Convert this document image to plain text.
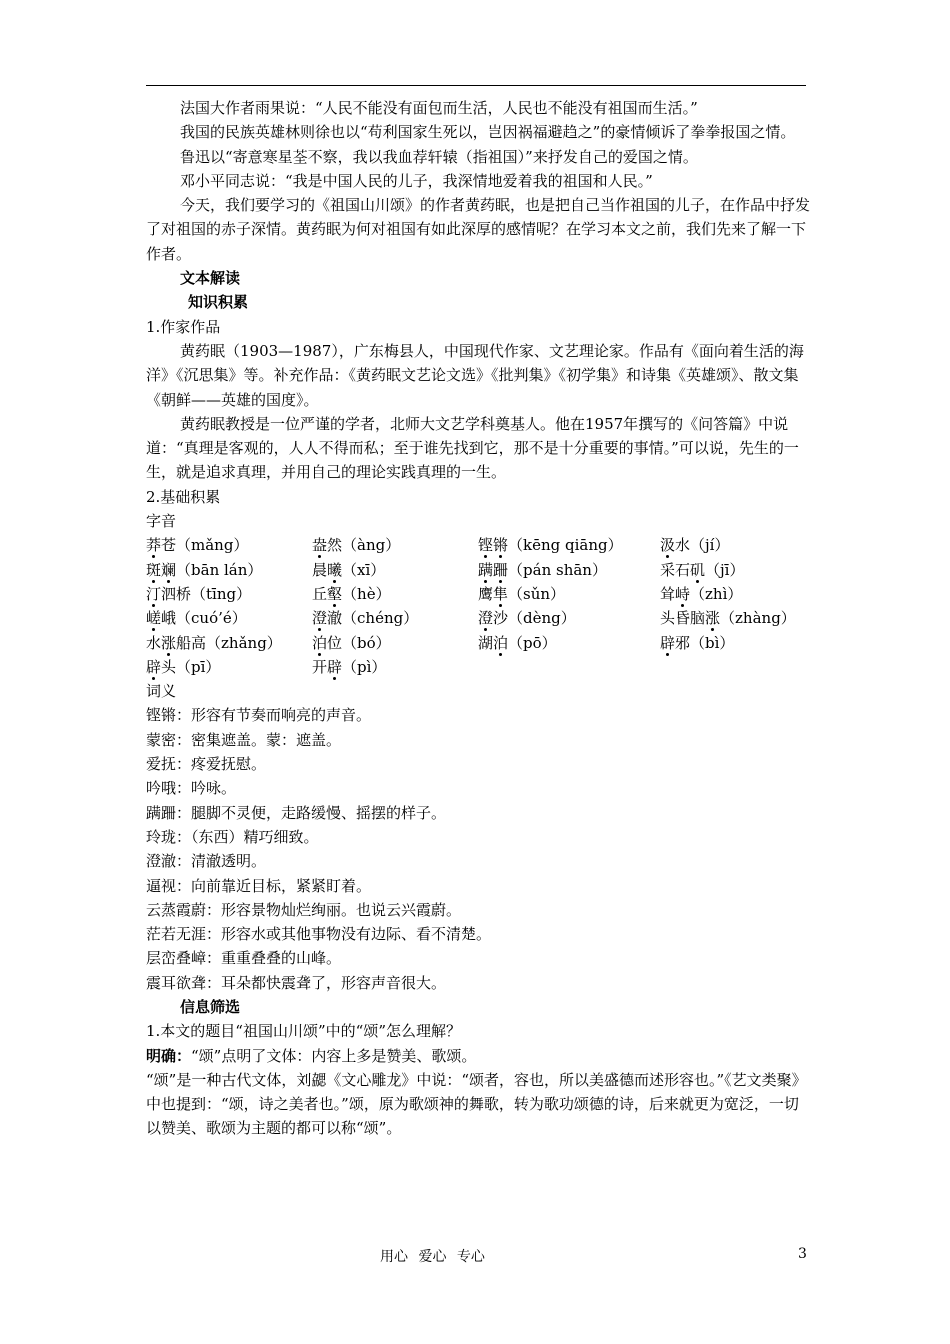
法国大作者雨果说：“人民不能没有面包而生活，人民也不能没有祖国而生活。”

我国的民族英雄林则徐也以“苟利国家生死以，岂因祸福避趋之”的豪情倾诉了拳拳报国之情。

鲁迅以“寄意寒星荃不察，我以我血荐轩辕（指祖国）”来抒发自己的爱国之情。

邓小平同志说：“我是中国人民的儿子，我深情地爱着我的祖国和人民。”

今天，我们要学习的《祖国山川颂》的作者黄药眠，也是把自己当作祖国的儿子，在作品中抒发了对祖国的赤子深情。黄药眠为何对祖国有如此深厚的感情呢？在学习本文之前，我们先来了解一下作者。

文本解读

知识积累

1.作家作品

黄药眠（1903—1987），广东梅县人，中国现代作家、文艺理论家。作品有《面向着生活的海洋》《沉思集》等。补充作品：《黄药眠文艺论文选》《批判集》《初学集》和诗集《英雄颂》、散文集《朝鲜——英雄的国度》。

黄药眠教授是一位严谨的学者，北师大文艺学科奠基人。他在1957年撰写的《问答篇》中说道：“真理是客观的，人人不得而私；至于谁先找到它，那不是十分重要的事情。”可以说，先生的一生，就是追求真理，并用自己的理论实践真理的一生。

2.基础积累

字音

莽苍（mǎng）	盎然（àng）	铿锵（kēng qiāng）	汲水（jí）
斑斓（bān lán）	晨曦（xī）	蹒跚（pán shān）	采石矶（jī）
汀泗桥（tīng）	丘壑（hè）	鹰隼（sǔn）	耸峙（zhì）
嵯峨（cuó’é）	澄澈（chéng）	澄沙（dèng）	头昏脑涨（zhàng）
水涨船高（zhǎng）	泊位（bó）	湖泊（pō）	辟邪（bì）
辟头（pī）	开辟（pì）

词义

铿锵：形容有节奏而响亮的声音。

蒙密：密集遮盖。蒙：遮盖。

爱抚：疼爱抚慰。

吟哦：吟咏。

蹒跚：腿脚不灵便，走路缓慢、摇摆的样子。

玲珑：（东西）精巧细致。

澄澈：清澈透明。

逼视：向前靠近目标，紧紧盯着。

云蒸霞蔚：形容景物灿烂绚丽。也说云兴霞蔚。

茫若无涯：形容水或其他事物没有边际、看不清楚。

层峦叠嶂：重重叠叠的山峰。

震耳欲聋：耳朵都快震聋了，形容声音很大。

信息筛选

1.本文的题目“祖国山川颂”中的“颂”怎么理解？

明确：“颂”点明了文体：内容上多是赞美、歌颂。

“颂”是一种古代文体，刘勰《文心雕龙》中说：“颂者，容也，所以美盛德而述形容也。”《艺文类聚》中也提到：“颂，诗之美者也。”颂，原为歌颂神的舞歌，转为歌功颂德的诗，后来就更为宽泛，一切以赞美、歌颂为主题的都可以称“颂”。

用心 爱心 专心	3
